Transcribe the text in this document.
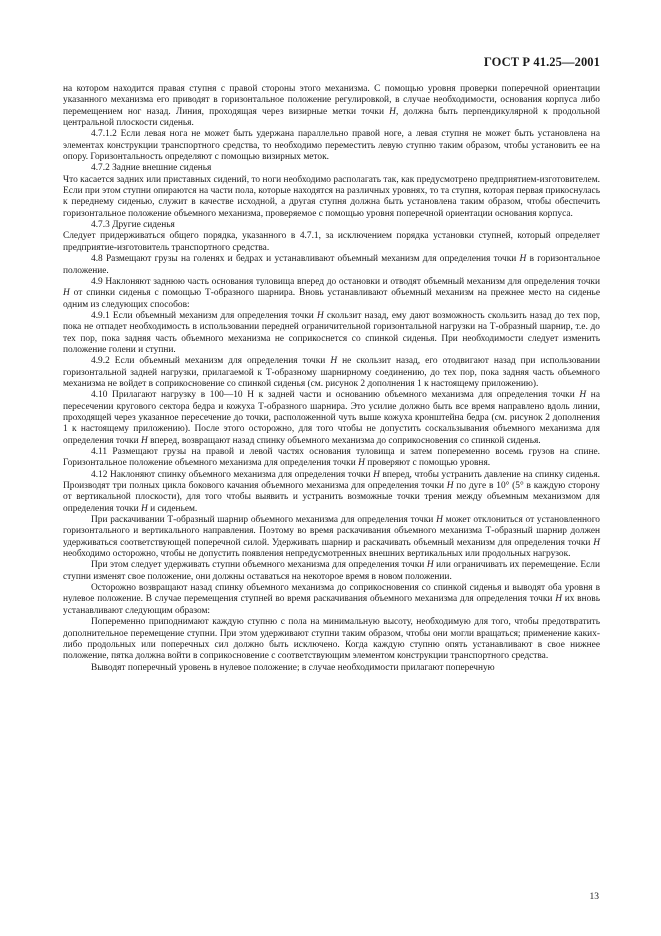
ГОСТ Р 41.25—2001

на котором находится правая ступня с правой стороны этого механизма. С помощью уровня проверки поперечной ориентации указанного механизма его приводят в горизонтальное положение регулировкой, в случае необходимости, основания корпуса либо перемещением ног назад. Линия, проходящая через визирные метки точки Н, должна быть перпендикулярной к продольной центральной плоскости сиденья.

4.7.1.2 Если левая нога не может быть удержана параллельно правой ноге, а левая ступня не может быть установлена на элементах конструкции транспортного средства, то необходимо переместить левую ступню таким образом, чтобы установить ее на опору. Горизонтальность определяют с помощью визирных меток.

4.7.2 Задние внешние сиденья

Что касается задних или приставных сидений, то ноги необходимо располагать так, как предусмотрено предприятием-изготовителем. Если при этом ступни опираются на части пола, которые находятся на различных уровнях, то та ступня, которая первая прикоснулась к переднему сиденью, служит в качестве исходной, а другая ступня должна быть установлена таким образом, чтобы обеспечить горизонтальное положение объемного механизма, проверяемое с помощью уровня поперечной ориентации основания корпуса.

4.7.3 Другие сиденья

Следует придерживаться общего порядка, указанного в 4.7.1, за исключением порядка установки ступней, который определяет предприятие-изготовитель транспортного средства.

4.8 Размещают грузы на голенях и бедрах и устанавливают объемный механизм для определения точки Н в горизонтальное положение.

4.9 Наклоняют заднюю часть основания туловища вперед до остановки и отводят объемный механизм для определения точки Н от спинки сиденья с помощью Т-образного шарнира. Вновь устанавливают объемный механизм на прежнее место на сиденье одним из следующих способов:

4.9.1 Если объемный механизм для определения точки Н скользит назад, ему дают возможность скользить назад до тех пор, пока не отпадет необходимость в использовании передней ограничительной горизонтальной нагрузки на Т-образный шарнир, т.е. до тех пор, пока задняя часть объемного механизма не соприкоснется со спинкой сиденья. При необходимости следует изменить положение голени и ступни.

4.9.2 Если объемный механизм для определения точки Н не скользит назад, его отодвигают назад при использовании горизонтальной задней нагрузки, прилагаемой к Т-образному шарнирному соединению, до тех пор, пока задняя часть объемного механизма не войдет в соприкосновение со спинкой сиденья (см. рисунок 2 дополнения 1 к настоящему приложению).

4.10 Прилагают нагрузку в 100—10 Н к задней части и основанию объемного механизма для определения точки Н на пересечении кругового сектора бедра и кожуха Т-образного шарнира. Это усилие должно быть все время направлено вдоль линии, проходящей через указанное пересечение до точки, расположенной чуть выше кожуха кронштейна бедра (см. рисунок 2 дополнения 1 к настоящему приложению). После этого осторожно, для того чтобы не допустить соскальзывания объемного механизма для определения точки Н вперед, возвращают назад спинку объемного механизма до соприкосновения со спинкой сиденья.

4.11 Размещают грузы на правой и левой частях основания туловища и затем попеременно восемь грузов на спине. Горизонтальное положение объемного механизма для определения точки Н проверяют с помощью уровня.

4.12 Наклоняют спинку объемного механизма для определения точки Н вперед, чтобы устранить давление на спинку сиденья. Производят три полных цикла бокового качания объемного механизма для определения точки Н по дуге в 10° (5° в каждую сторону от вертикальной плоскости), для того чтобы выявить и устранить возможные точки трения между объемным механизмом для определения точки Н и сиденьем.

При раскачивании Т-образный шарнир объемного механизма для определения точки Н может отклониться от установленного горизонтального и вертикального направления. Поэтому во время раскачивания объемного механизма Т-образный шарнир должен удерживаться соответствующей поперечной силой. Удерживать шарнир и раскачивать объемный механизм для определения точки Н необходимо осторожно, чтобы не допустить появления непредусмотренных внешних вертикальных или продольных нагрузок.

При этом следует удерживать ступни объемного механизма для определения точки Н или ограничивать их перемещение. Если ступни изменят свое положение, они должны оставаться на некоторое время в новом положении.

Осторожно возвращают назад спинку объемного механизма до соприкосновения со спинкой сиденья и выводят оба уровня в нулевое положение. В случае перемещения ступней во время раскачивания объемного механизма для определения точки Н их вновь устанавливают следующим образом:

Попеременно приподнимают каждую ступню с пола на минимальную высоту, необходимую для того, чтобы предотвратить дополнительное перемещение ступни. При этом удерживают ступни таким образом, чтобы они могли вращаться; применение каких-либо продольных или поперечных сил должно быть исключено. Когда каждую ступню опять устанавливают в свое нижнее положение, пятка должна войти в соприкосновение с соответствующим элементом конструкции транспортного средства.

Выводят поперечный уровень в нулевое положение; в случае необходимости прилагают поперечную

13
